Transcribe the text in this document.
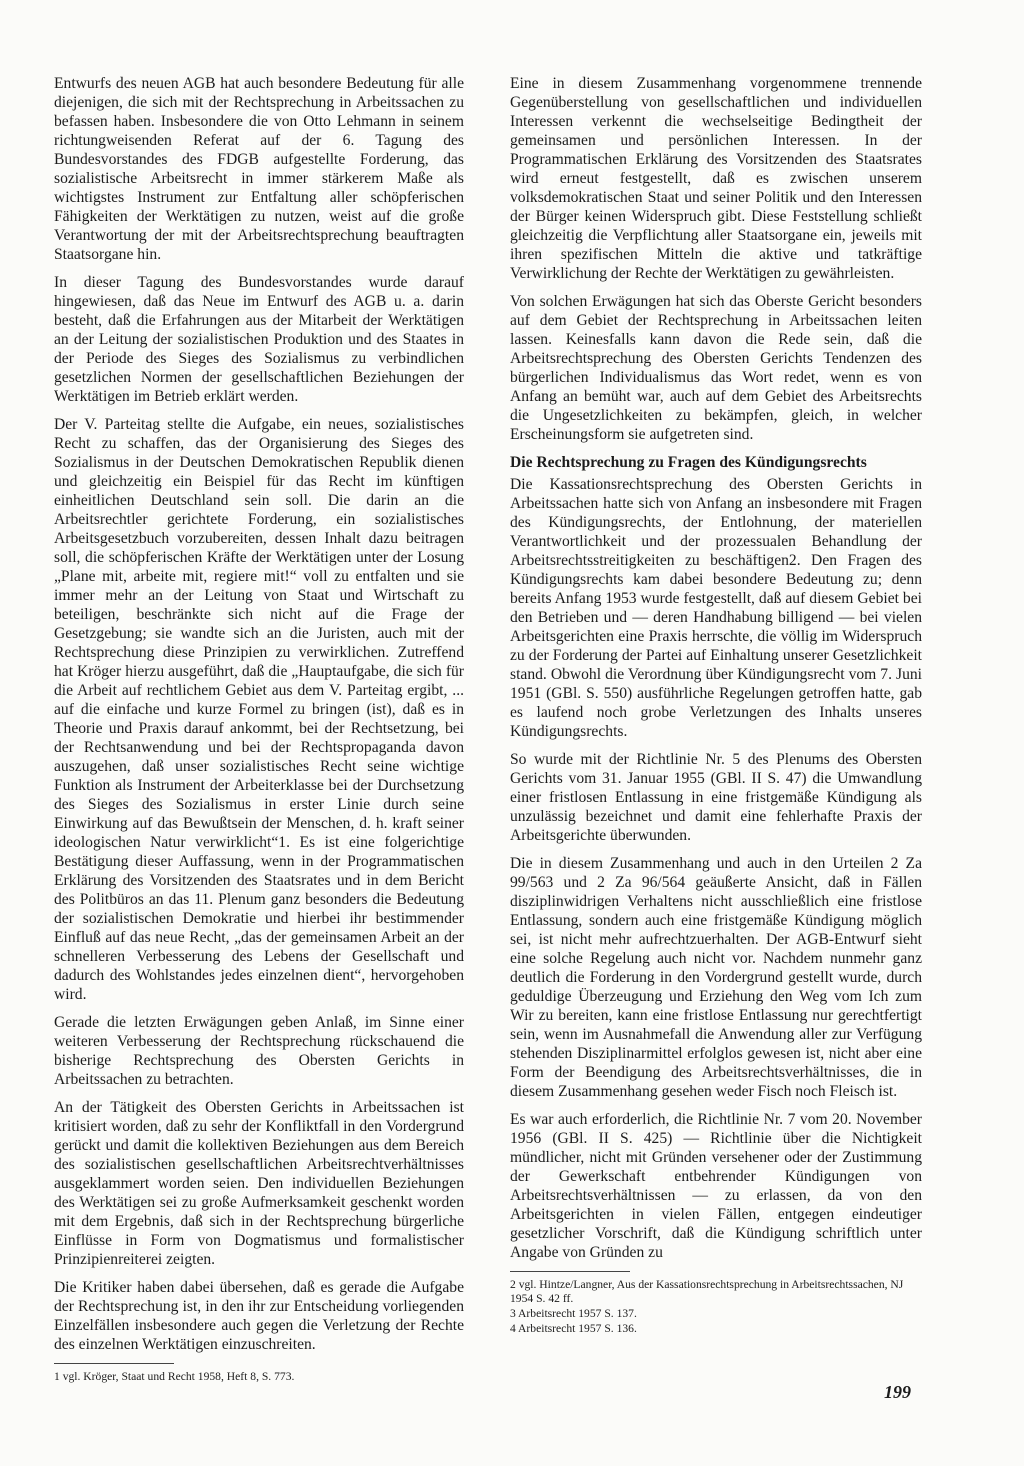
Entwurfs des neuen AGB hat auch besondere Bedeutung für alle diejenigen, die sich mit der Rechtsprechung in Arbeitssachen zu befassen haben. Insbesondere die von Otto Lehmann in seinem richtungweisenden Referat auf der 6. Tagung des Bundesvorstandes des FDGB aufgestellte Forderung, das sozialistische Arbeitsrecht in immer stärkerem Maße als wichtigstes Instrument zur Entfaltung aller schöpferischen Fähigkeiten der Werktätigen zu nutzen, weist auf die große Verantwortung der mit der Arbeitsrechtsprechung beauftragten Staatsorgane hin.

In dieser Tagung des Bundesvorstandes wurde darauf hingewiesen, daß das Neue im Entwurf des AGB u. a. darin besteht, daß die Erfahrungen aus der Mitarbeit der Werktätigen an der Leitung der sozialistischen Produktion und des Staates in der Periode des Sieges des Sozialismus zu verbindlichen gesetzlichen Normen der gesellschaftlichen Beziehungen der Werktätigen im Betrieb erklärt werden.

Der V. Parteitag stellte die Aufgabe, ein neues, sozialistisches Recht zu schaffen, das der Organisierung des Sieges des Sozialismus in der Deutschen Demokratischen Republik dienen und gleichzeitig ein Beispiel für das Recht im künftigen einheitlichen Deutschland sein soll. Die darin an die Arbeitsrechtler gerichtete Forderung, ein sozialistisches Arbeitsgesetzbuch vorzubereiten, dessen Inhalt dazu beitragen soll, die schöpferischen Kräfte der Werktätigen unter der Losung „Plane mit, arbeite mit, regiere mit!“ voll zu entfalten und sie immer mehr an der Leitung von Staat und Wirtschaft zu beteiligen, beschränkte sich nicht auf die Frage der Gesetzgebung; sie wandte sich an die Juristen, auch mit der Rechtsprechung diese Prinzipien zu verwirklichen. Zutreffend hat Kröger hierzu ausgeführt, daß die „Hauptaufgabe, die sich für die Arbeit auf rechtlichem Gebiet aus dem V. Parteitag ergibt, ... auf die einfache und kurze Formel zu bringen (ist), daß es in Theorie und Praxis darauf ankommt, bei der Rechtsetzung, bei der Rechtsanwendung und bei der Rechtspropaganda davon auszugehen, daß unser sozialistisches Recht seine wichtige Funktion als Instrument der Arbeiterklasse bei der Durchsetzung des Sieges des Sozialismus in erster Linie durch seine Einwirkung auf das Bewußtsein der Menschen, d. h. kraft seiner ideologischen Natur verwirklicht“1. Es ist eine folgerichtige Bestätigung dieser Auffassung, wenn in der Programmatischen Erklärung des Vorsitzenden des Staatsrates und in dem Bericht des Politbüros an das 11. Plenum ganz besonders die Bedeutung der sozialistischen Demokratie und hierbei ihr bestimmender Einfluß auf das neue Recht, „das der gemeinsamen Arbeit an der schnelleren Verbesserung des Lebens der Gesellschaft und dadurch des Wohlstandes jedes einzelnen dient“, hervorgehoben wird.

Gerade die letzten Erwägungen geben Anlaß, im Sinne einer weiteren Verbesserung der Rechtsprechung rückschauend die bisherige Rechtsprechung des Obersten Gerichts in Arbeitssachen zu betrachten.

An der Tätigkeit des Obersten Gerichts in Arbeitssachen ist kritisiert worden, daß zu sehr der Konfliktfall in den Vordergrund gerückt und damit die kollektiven Beziehungen aus dem Bereich des sozialistischen gesellschaftlichen Arbeitsrechtverhältnisses ausgeklammert worden seien. Den individuellen Beziehungen des Werktätigen sei zu große Aufmerksamkeit geschenkt worden mit dem Ergebnis, daß sich in der Rechtsprechung bürgerliche Einflüsse in Form von Dogmatismus und formalistischer Prinzipienreiterei zeigten.

Die Kritiker haben dabei übersehen, daß es gerade die Aufgabe der Rechtsprechung ist, in den ihr zur Entscheidung vorliegenden Einzelfällen insbesondere auch gegen die Verletzung der Rechte des einzelnen Werktätigen einzuschreiten.

1 vgl. Kröger, Staat und Recht 1958, Heft 8, S. 773.

Eine in diesem Zusammenhang vorgenommene trennende Gegenüberstellung von gesellschaftlichen und individuellen Interessen verkennt die wechselseitige Bedingtheit der gemeinsamen und persönlichen Interessen. In der Programmatischen Erklärung des Vorsitzenden des Staatsrates wird erneut festgestellt, daß es zwischen unserem volksdemokratischen Staat und seiner Politik und den Interessen der Bürger keinen Widerspruch gibt. Diese Feststellung schließt gleichzeitig die Verpflichtung aller Staatsorgane ein, jeweils mit ihren spezifischen Mitteln die aktive und tatkräftige Verwirklichung der Rechte der Werktätigen zu gewährleisten.

Von solchen Erwägungen hat sich das Oberste Gericht besonders auf dem Gebiet der Rechtsprechung in Arbeitssachen leiten lassen. Keinesfalls kann davon die Rede sein, daß die Arbeitsrechtsprechung des Obersten Gerichts Tendenzen des bürgerlichen Individualismus das Wort redet, wenn es von Anfang an bemüht war, auch auf dem Gebiet des Arbeitsrechts die Ungesetzlichkeiten zu bekämpfen, gleich, in welcher Erscheinungsform sie aufgetreten sind.

Die Rechtsprechung zu Fragen des Kündigungsrechts

Die Kassationsrechtsprechung des Obersten Gerichts in Arbeitssachen hatte sich von Anfang an insbesondere mit Fragen des Kündigungsrechts, der Entlohnung, der materiellen Verantwortlichkeit und der prozessualen Behandlung der Arbeitsrechtsstreitigkeiten zu beschäftigen2. Den Fragen des Kündigungsrechts kam dabei besondere Bedeutung zu; denn bereits Anfang 1953 wurde festgestellt, daß auf diesem Gebiet bei den Betrieben und — deren Handhabung billigend — bei vielen Arbeitsgerichten eine Praxis herrschte, die völlig im Widerspruch zu der Forderung der Partei auf Einhaltung unserer Gesetzlichkeit stand. Obwohl die Verordnung über Kündigungsrecht vom 7. Juni 1951 (GBl. S. 550) ausführliche Regelungen getroffen hatte, gab es laufend noch grobe Verletzungen des Inhalts unseres Kündigungsrechts.

So wurde mit der Richtlinie Nr. 5 des Plenums des Obersten Gerichts vom 31. Januar 1955 (GBl. II S. 47) die Umwandlung einer fristlosen Entlassung in eine fristgemäße Kündigung als unzulässig bezeichnet und damit eine fehlerhafte Praxis der Arbeitsgerichte überwunden.

Die in diesem Zusammenhang und auch in den Urteilen 2 Za 99/563 und 2 Za 96/564 geäußerte Ansicht, daß in Fällen disziplinwidrigen Verhaltens nicht ausschließlich eine fristlose Entlassung, sondern auch eine fristgemäße Kündigung möglich sei, ist nicht mehr aufrechtzuerhalten. Der AGB-Entwurf sieht eine solche Regelung auch nicht vor. Nachdem nunmehr ganz deutlich die Forderung in den Vordergrund gestellt wurde, durch geduldige Überzeugung und Erziehung den Weg vom Ich zum Wir zu bereiten, kann eine fristlose Entlassung nur gerechtfertigt sein, wenn im Ausnahmefall die Anwendung aller zur Verfügung stehenden Disziplinarmittel erfolglos gewesen ist, nicht aber eine Form der Beendigung des Arbeitsrechtsverhältnisses, die in diesem Zusammenhang gesehen weder Fisch noch Fleisch ist.

Es war auch erforderlich, die Richtlinie Nr. 7 vom 20. November 1956 (GBl. II S. 425) — Richtlinie über die Nichtigkeit mündlicher, nicht mit Gründen versehener oder der Zustimmung der Gewerkschaft entbehrender Kündigungen von Arbeitsrechtsverhältnissen — zu erlassen, da von den Arbeitsgerichten in vielen Fällen, entgegen eindeutiger gesetzlicher Vorschrift, daß die Kündigung schriftlich unter Angabe von Gründen zu

2 vgl. Hintze/Langner, Aus der Kassationsrechtsprechung in Arbeitsrechtssachen, NJ 1954 S. 42 ff.

3 Arbeitsrecht 1957 S. 137.

4 Arbeitsrecht 1957 S. 136.

199
